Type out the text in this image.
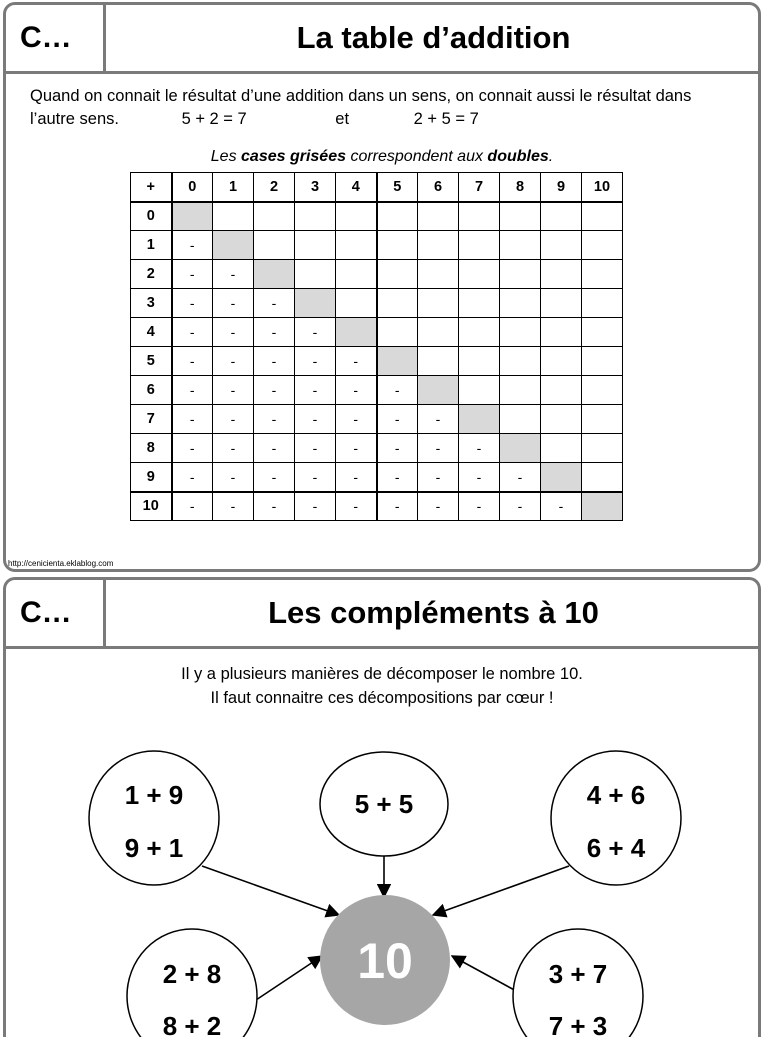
C…	La table d’addition
Quand on connait le résultat d’une addition dans un sens, on connait aussi le résultat dans
l’autre sens.	5 + 2 = 7	et	2 + 5 = 7
Les cases grisées correspondent aux doubles.
+	0	1	2	3	4	5	6	7	8	9	10
0											
1	-										
2	-	-									
3	-	-	-								
4	-	-	-	-							
5	-	-	-	-	-						
6	-	-	-	-	-	-					
7	-	-	-	-	-	-	-				
8	-	-	-	-	-	-	-	-			
9	-	-	-	-	-	-	-	-	-		
10	-	-	-	-	-	-	-	-	-	-	
http://cenicienta.eklablog.com
C…	Les compléments à 10
Il y a plusieurs manières de décomposer le nombre 10.
Il faut connaitre ces décompositions par cœur !
10
1 + 9
9 + 1
5 + 5	4 + 6
6 + 4
2 + 8
8 + 2
3 + 7
7 + 3
